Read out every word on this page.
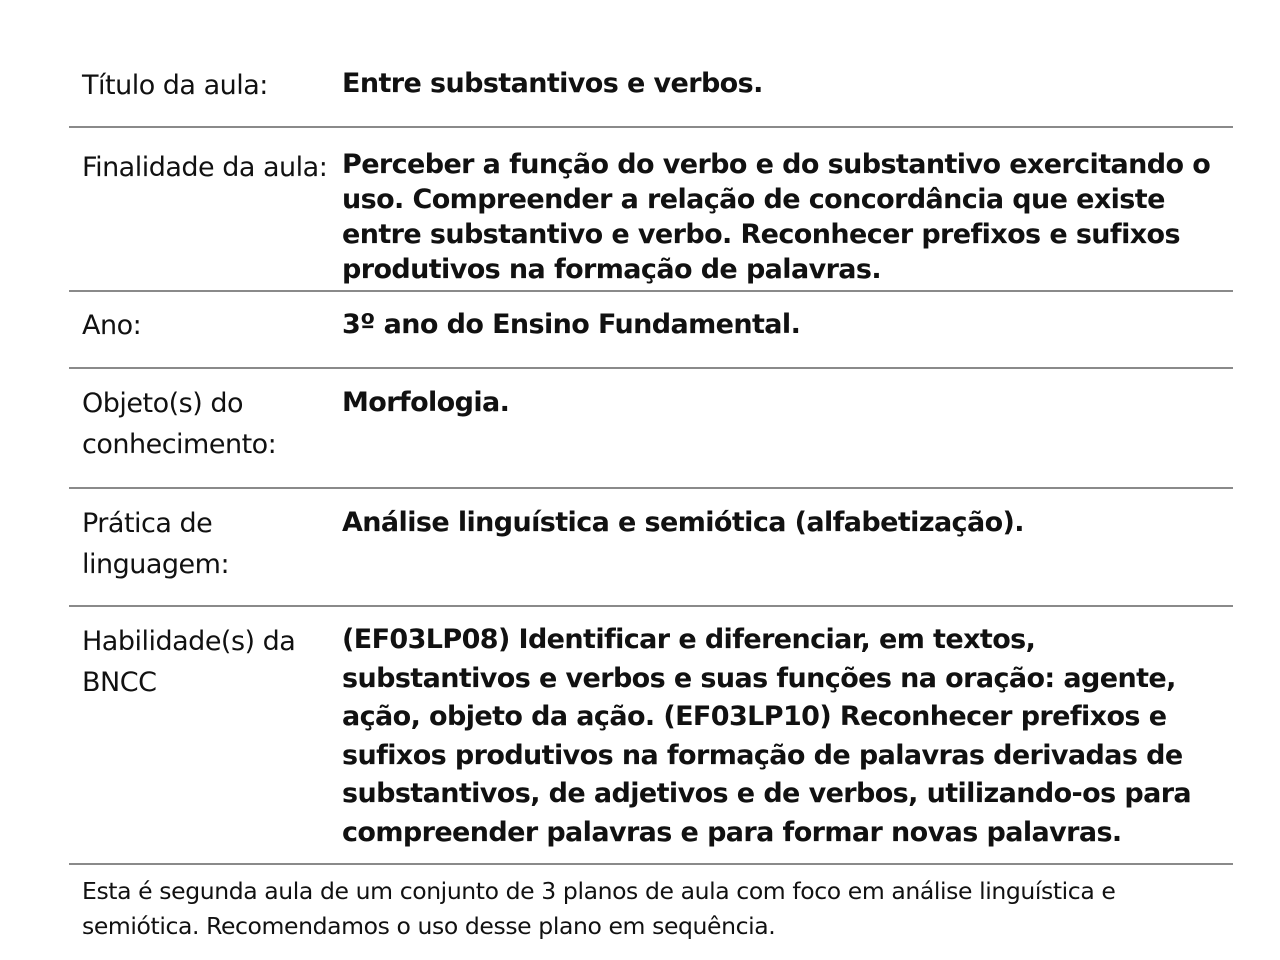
Título da aula:	Entre substantivos e verbos.
Finalidade da aula: Perceber a função do verbo e do substantivo exercitando o uso. Compreender a relação de concordância que existe entre substantivo e verbo. Reconhecer prefixos e sufixos produtivos na formação de palavras.
Ano:	3º ano do Ensino Fundamental.
Objeto(s) do conhecimento:
Morfologia.
Prática de linguagem:
Análise linguística e semiótica (alfabetização).
Habilidade(s) da BNCC
(EF03LP08) Identificar e diferenciar, em textos, substantivos e verbos e suas funções na oração: agente, ação, objeto da ação. (EF03LP10) Reconhecer prefixos e sufixos produtivos na formação de palavras derivadas de substantivos, de adjetivos e de verbos, utilizando-os para compreender palavras e para formar novas palavras.
Esta é segunda aula de um conjunto de 3 planos de aula com foco em análise linguística e semiótica. Recomendamos o uso desse plano em sequência.
